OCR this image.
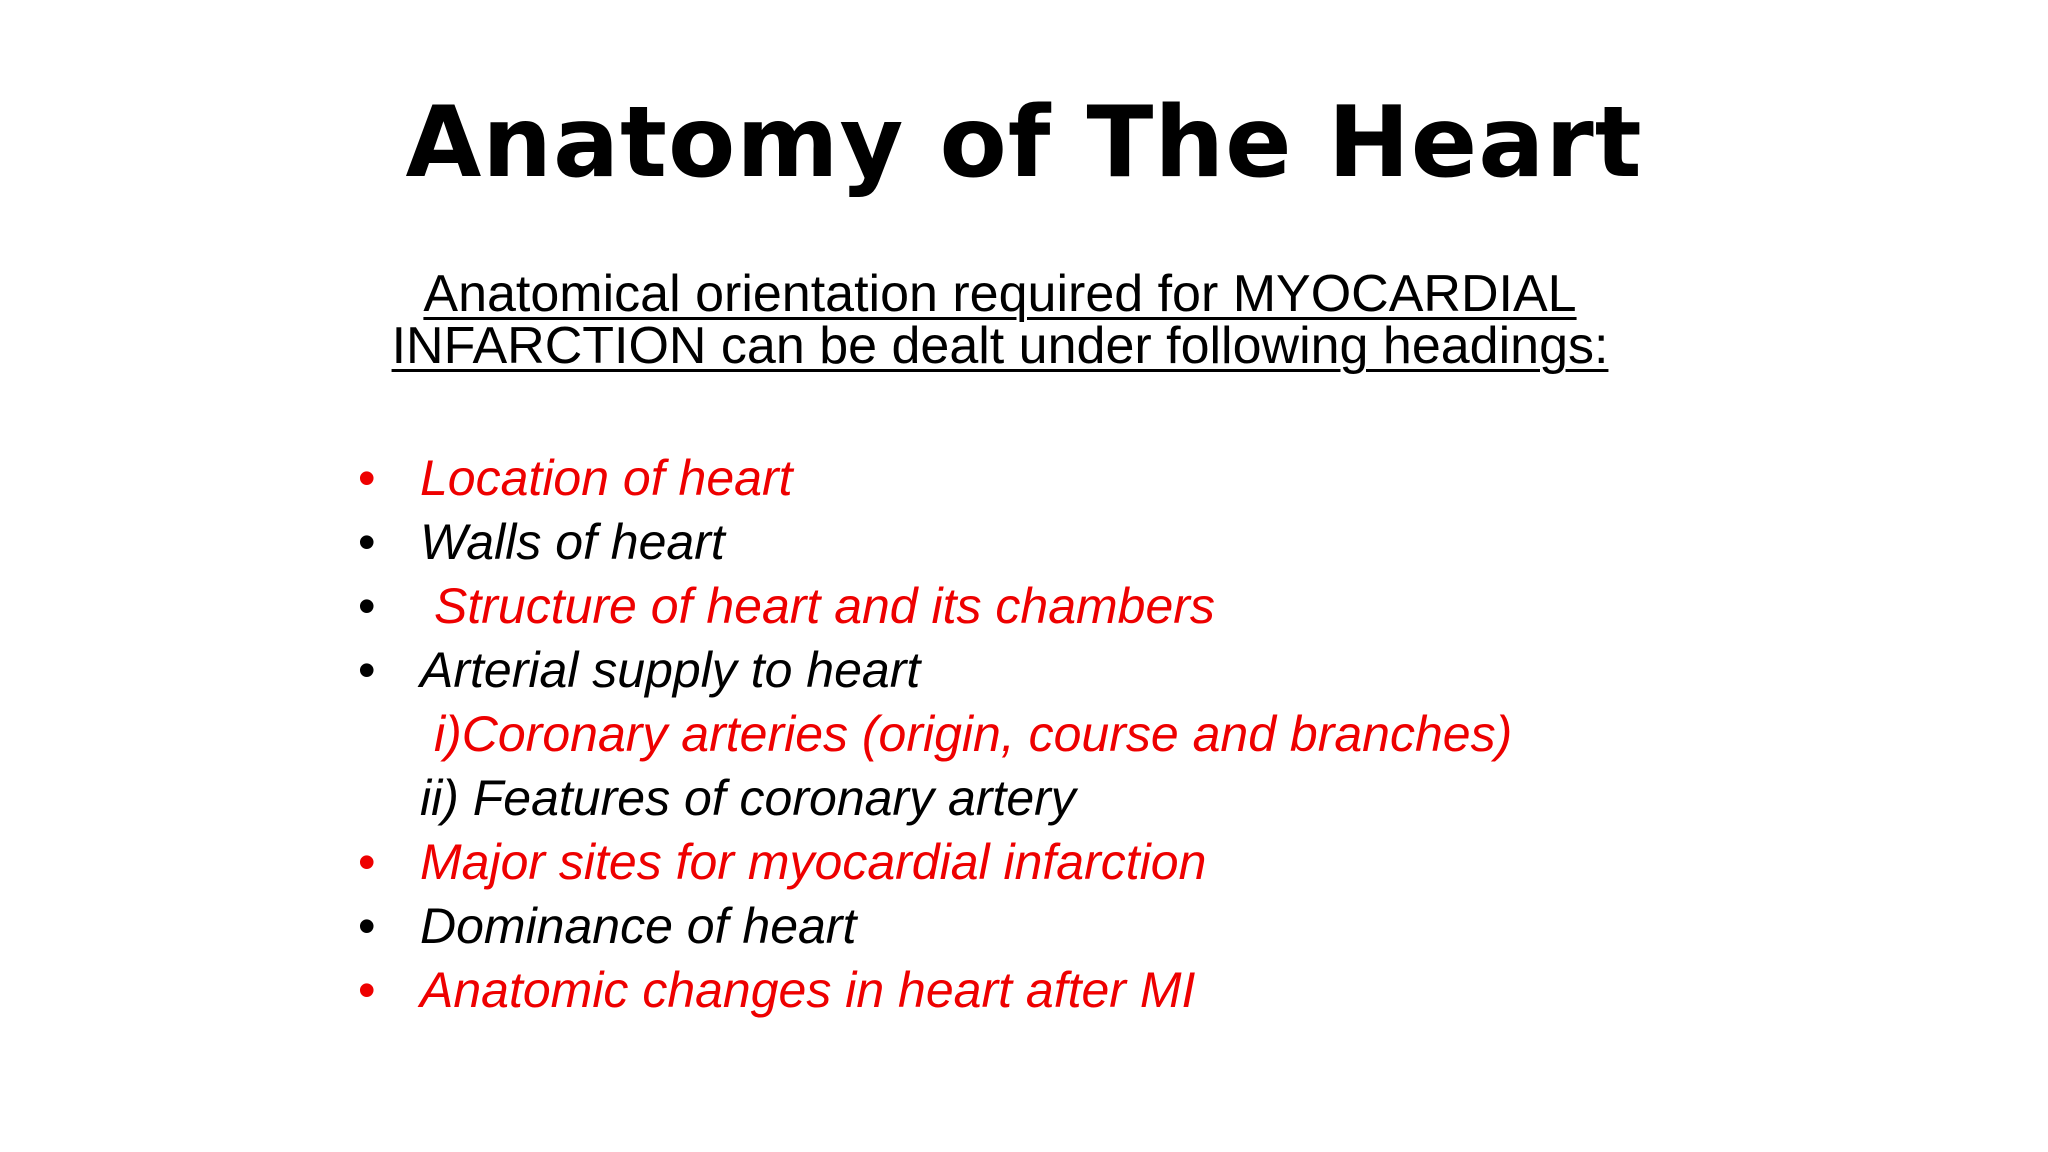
Anatomy of The Heart
Anatomical orientation required for MYOCARDIAL
INFARCTION can be dealt under following headings:
• Location of heart
• Walls of heart
• Structure of heart and its chambers
• Arterial supply to heart
i)Coronary arteries (origin, course and branches)
ii) Features of coronary artery
• Major sites for myocardial infarction
• Dominance of heart
• Anatomic changes in heart after MI
